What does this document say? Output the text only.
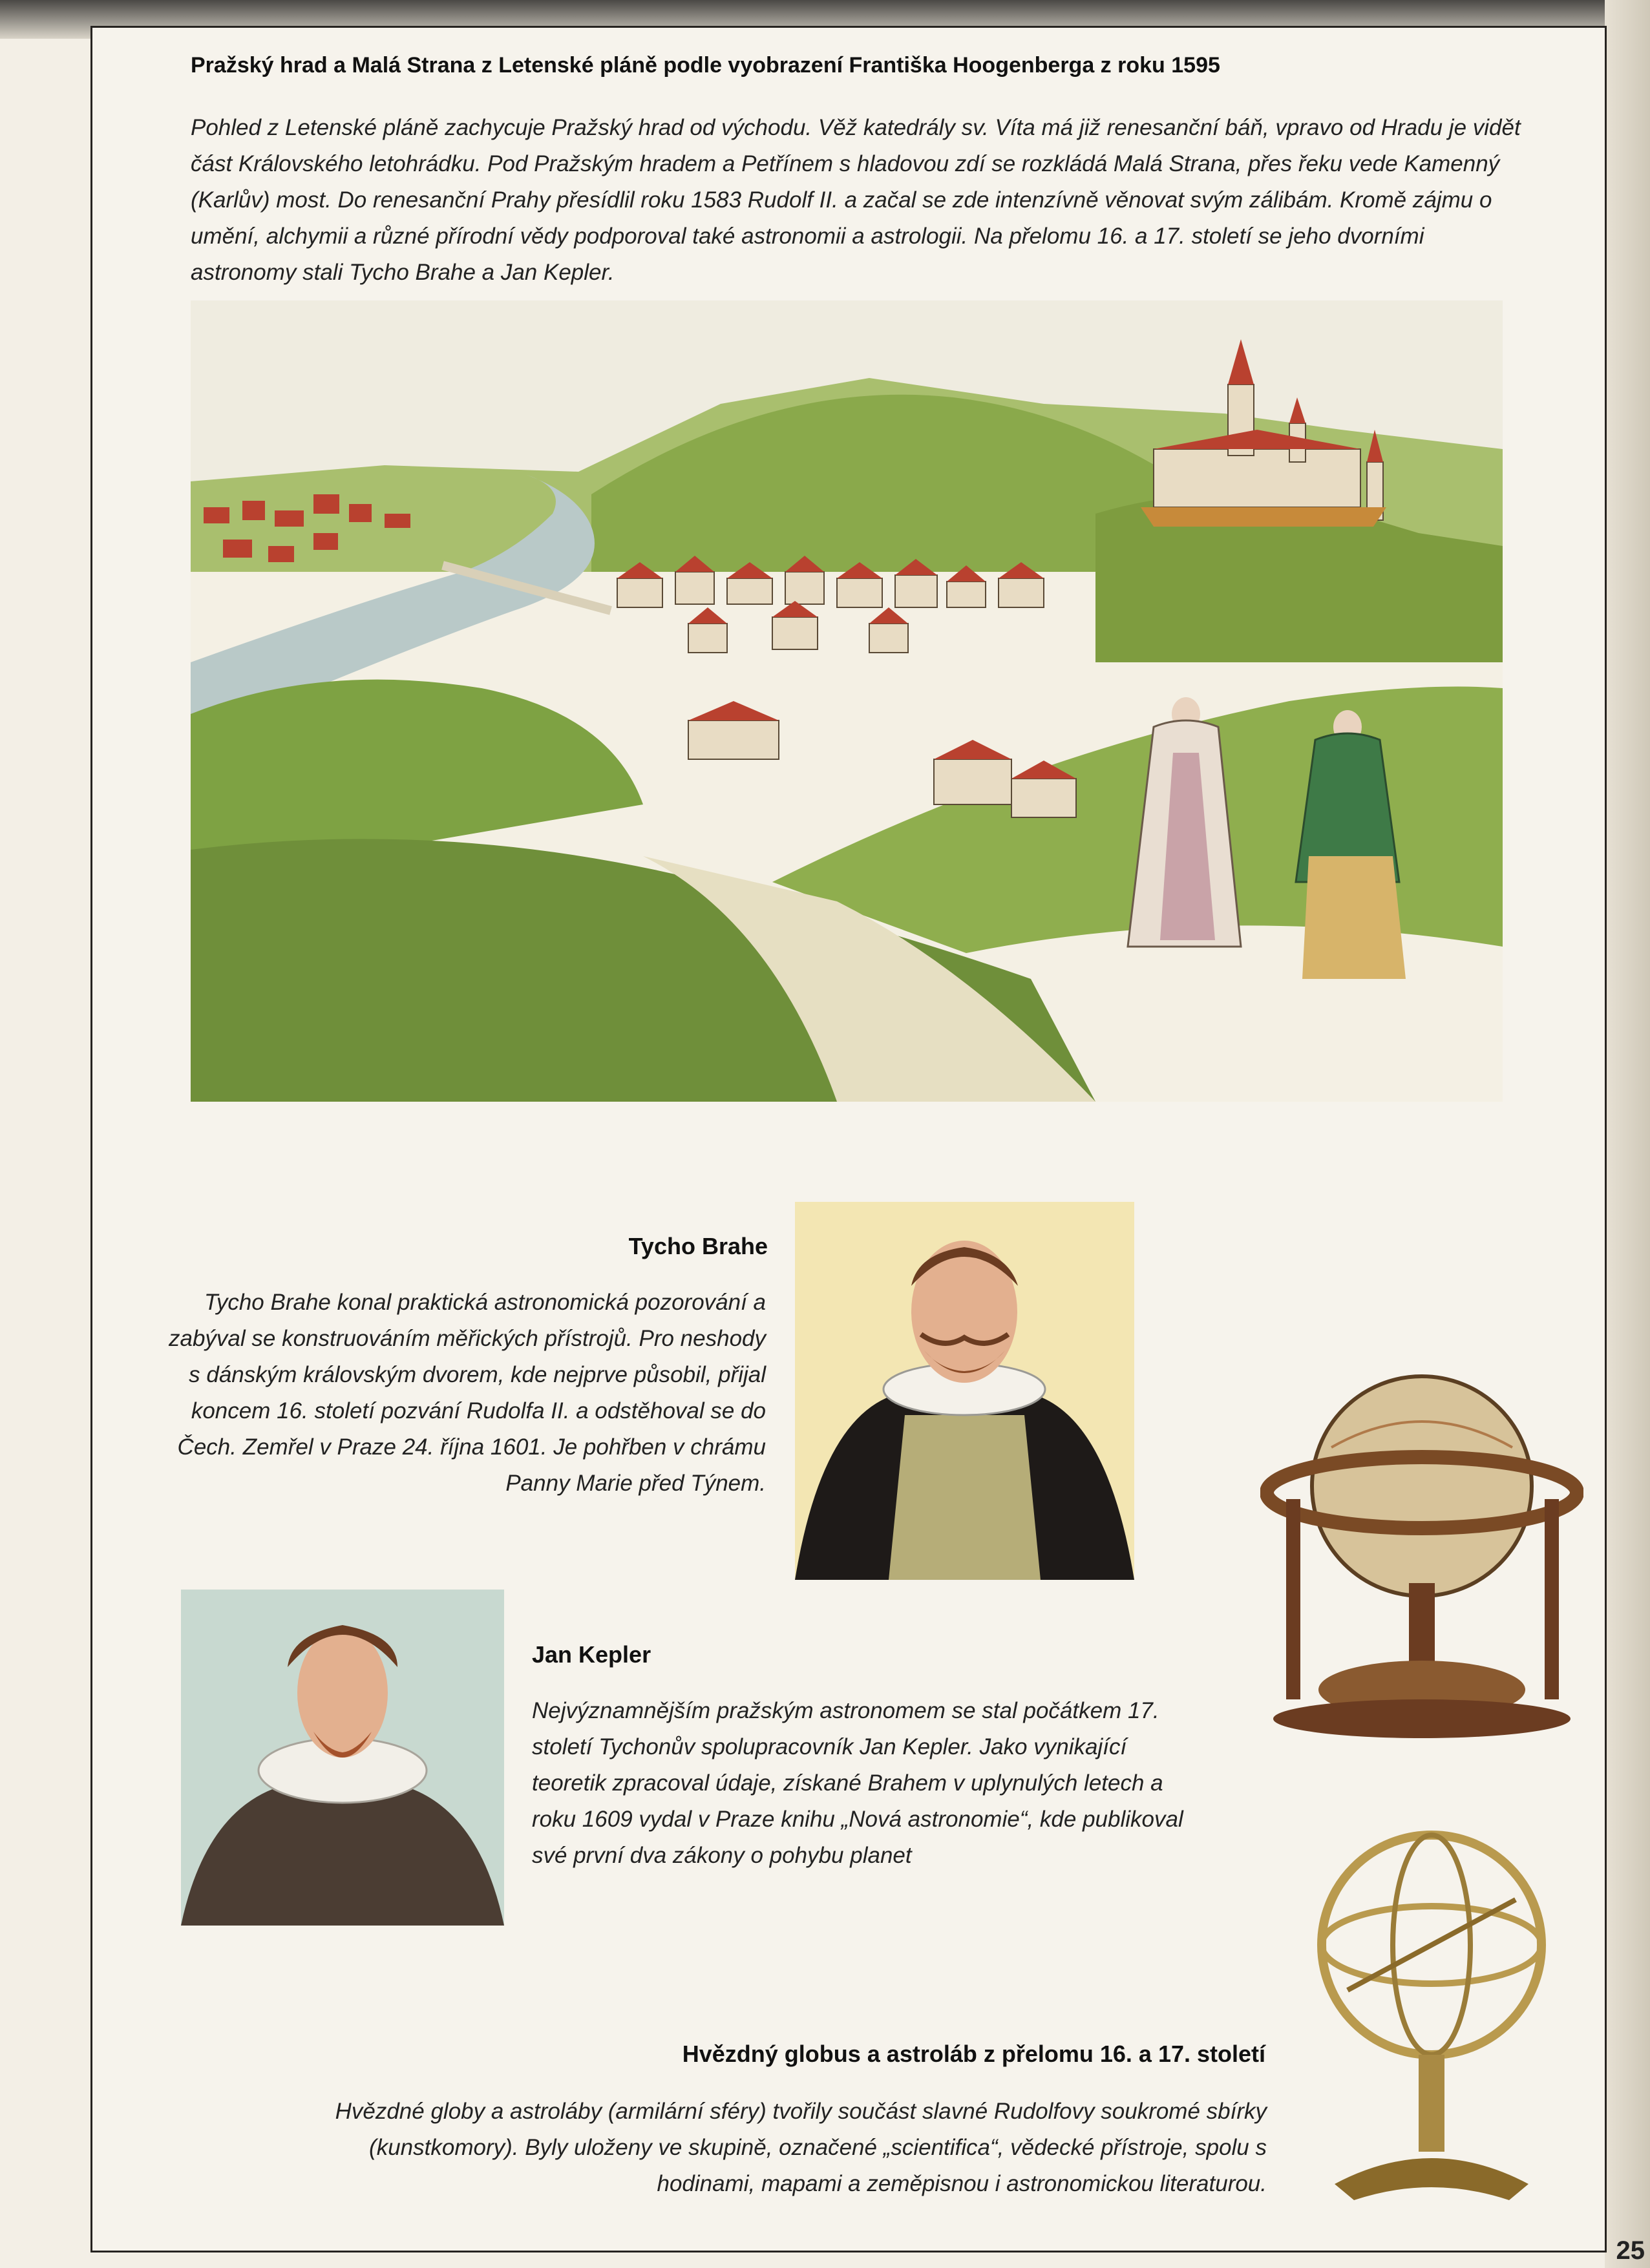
Pražský hrad a Malá Strana z Letenské pláně podle vyobrazení Františka Hoogenberga z roku 1595

Pohled z Letenské pláně zachycuje Pražský hrad od východu. Věž katedrály sv. Víta má již renesanční báň, vpravo od Hradu je vidět část Královského letohrádku. Pod Pražským hradem a Petřínem s hladovou zdí se rozkládá Malá Strana, přes řeku vede Kamenný (Karlův) most. Do renesanční Prahy přesídlil roku 1583 Rudolf II. a začal se zde intenzívně věnovat svým zálibám. Kromě zájmu o umění, alchymii a různé přírodní vědy podporoval také astronomii a astrologii. Na přelomu 16. a 17. století se jeho dvorními astronomy stali Tycho Brahe a Jan Kepler.

Tycho Brahe

Tycho Brahe konal praktická astronomická pozorování a zabýval se konstruováním měřických přístrojů. Pro neshody s dánským královským dvorem, kde nejprve působil, přijal koncem 16. století pozvání Rudolfa II. a odstěhoval se do Čech. Zemřel v Praze 24. října 1601. Je pohřben v chrámu Panny Marie před Týnem.

Jan Kepler

Nejvýznamnějším pražským astronomem se stal počátkem 17. století Tychonův spolupracovník Jan Kepler. Jako vynikající teoretik zpracoval údaje, získané Brahem v uplynulých letech a roku 1609 vydal v Praze knihu „Nová astronomie“, kde publikoval své první dva zákony o pohybu planet

Hvězdný globus a astroláb z přelomu 16. a 17. století

Hvězdné globy a astroláby (armilární sféry) tvořily součást slavné Rudolfovy soukromé sbírky (kunstkomory). Byly uloženy ve skupině, označené „scientifica“, vědecké přístroje, spolu s hodinami, mapami a zeměpisnou i astronomickou literaturou.

25
